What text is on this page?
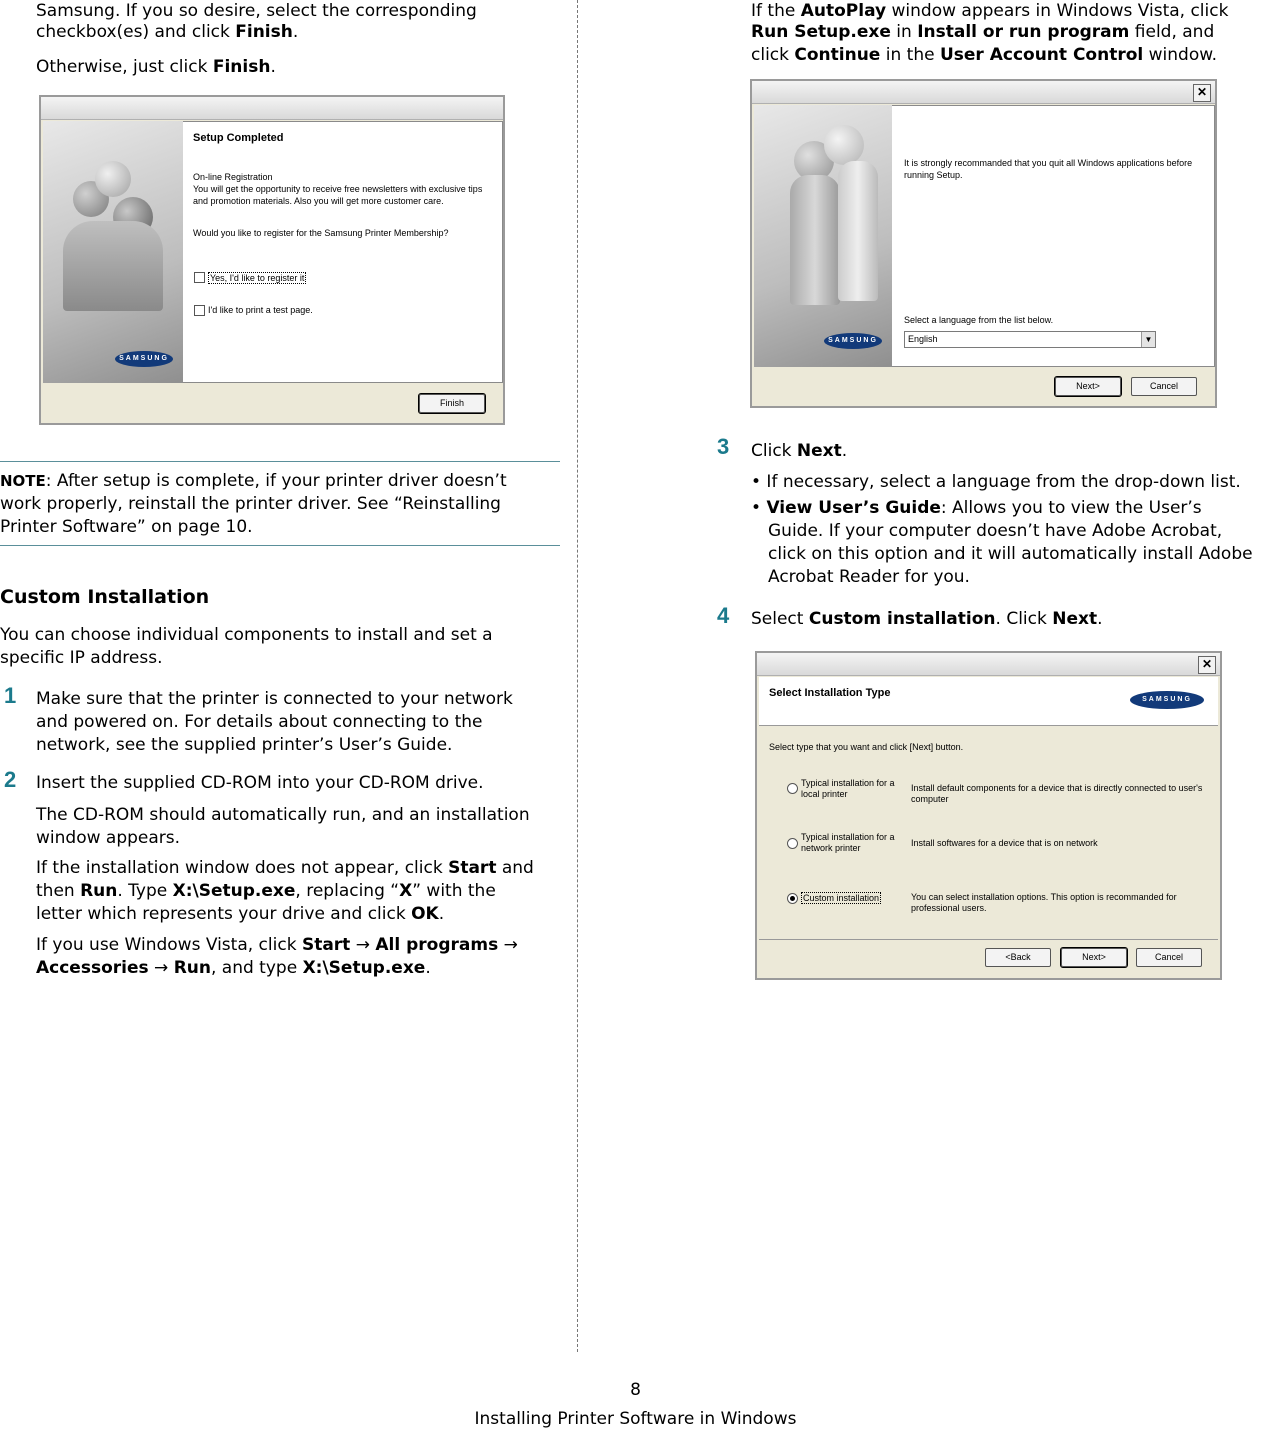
Samsung. If you so desire, select the corresponding

checkbox(es) and click Finish.

Otherwise, just click Finish.

SAMSUNG
Setup Completed
On-line Registration
You will get the opportunity to receive free newsletters with exclusive tips
and promotion materials. Also you will get more customer care.
Would you like to register for the Samsung Printer Membership?
Yes, I'd like to register it
I'd like to print a test page.
Finish

NOTE: After setup is complete, if your printer driver doesn’t

work properly, reinstall the printer driver. See “Reinstalling

Printer Software” on page 10.

Custom Installation

You can choose individual components to install and set a

specific IP address.

1 Make sure that the printer is connected to your network

and powered on. For details about connecting to the

network, see the supplied printer’s User’s Guide.

2 Insert the supplied CD-ROM into your CD-ROM drive.

The CD-ROM should automatically run, and an installation

window appears.

If the installation window does not appear, click Start and

then Run. Type X:\Setup.exe, replacing “X” with the

letter which represents your drive and click OK.

If you use Windows Vista, click Start → All programs →

Accessories → Run, and type X:\Setup.exe.

If the AutoPlay window appears in Windows Vista, click

Run Setup.exe in Install or run program field, and

click Continue in the User Account Control window.

✕
SAMSUNG
It is strongly recommanded that you quit all Windows applications before
running Setup.
Select a language from the list below.
English	▼
Next>	Cancel
3 Click Next.

• If necessary, select a language from the drop-down list.

• View User’s Guide: Allows you to view the User’s

Guide. If your computer doesn’t have Adobe Acrobat,

click on this option and it will automatically install Adobe

Acrobat Reader for you.

4 Select Custom installation. Click Next.

✕
Select Installation Type
SAMSUNG
Select type that you want and click [Next] button.
Typical installation for a
local printer
Install default components for a device that is directly connected to user's
computer
Typical installation for a
network printer	Install softwares for a device that is on network
Custom installation	You can select installation options. This option is recommanded for
professional users.
<Back	Next>	Cancel
8
Installing Printer Software in Windows
